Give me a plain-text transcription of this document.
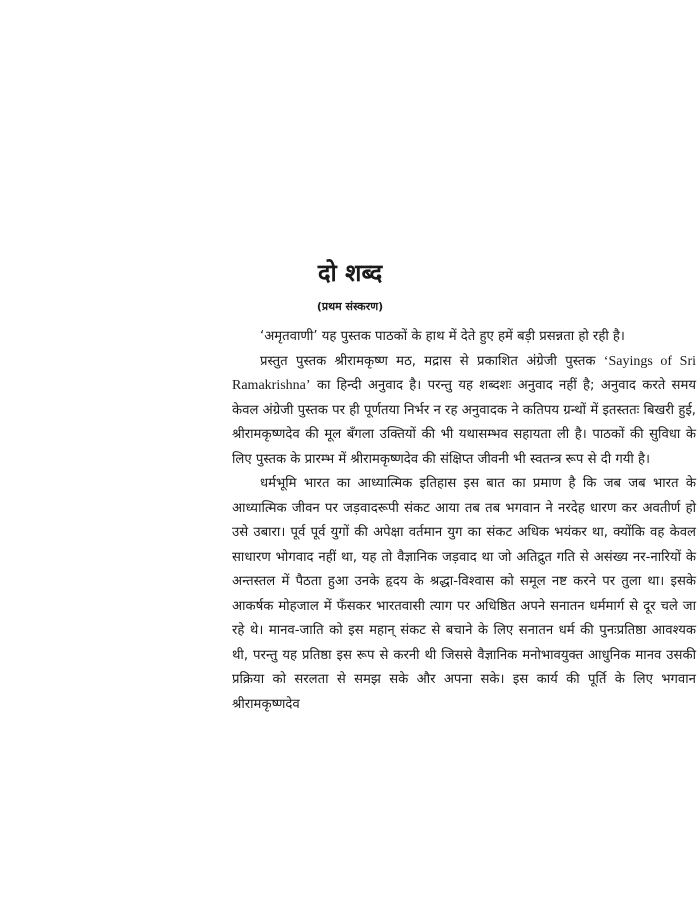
दो शब्द
(प्रथम संस्करण)

‘अमृतवाणी’ यह पुस्तक पाठकों के हाथ में देते हुए हमें बड़ी प्रसन्नता हो रही है।

प्रस्तुत पुस्तक श्रीरामकृष्ण मठ, मद्रास से प्रकाशित अंग्रेजी पुस्तक ‘Sayings of Sri Ramakrishna’ का हिन्दी अनुवाद है। परन्तु यह शब्दशः अनुवाद नहीं है; अनुवाद करते समय केवल अंग्रेजी पुस्तक पर ही पूर्णतया निर्भर न रह अनुवादक ने कतिपय ग्रन्थों में इतस्ततः बिखरी हुई, श्रीरामकृष्णदेव की मूल बँगला उक्तियों की भी यथासम्भव सहायता ली है। पाठकों की सुविधा के लिए पुस्तक के प्रारम्भ में श्रीरामकृष्णदेव की संक्षिप्त जीवनी भी स्वतन्त्र रूप से दी गयी है।

धर्मभूमि भारत का आध्यात्मिक इतिहास इस बात का प्रमाण है कि जब जब भारत के आध्यात्मिक जीवन पर जड़वादरूपी संकट आया तब तब भगवान ने नरदेह धारण कर अवतीर्ण हो उसे उबारा। पूर्व पूर्व युगों की अपेक्षा वर्तमान युग का संकट अधिक भयंकर था, क्योंकि वह केवल साधारण भोगवाद नहीं था, यह तो वैज्ञानिक जड़वाद था जो अतिद्रुत गति से असंख्य नर-नारियों के अन्तस्तल में पैठता हुआ उनके हृदय के श्रद्धा-विश्वास को समूल नष्ट करने पर तुला था। इसके आकर्षक मोहजाल में फँसकर भारतवासी त्याग पर अधिष्ठित अपने सनातन धर्ममार्ग से दूर चले जा रहे थे। मानव-जाति को इस महान् संकट से बचाने के लिए सनातन धर्म की पुनःप्रतिष्ठा आवश्यक थी, परन्तु यह प्रतिष्ठा इस रूप से करनी थी जिससे वैज्ञानिक मनोभावयुक्त आधुनिक मानव उसकी प्रक्रिया को सरलता से समझ सके और अपना सके। इस कार्य की पूर्ति के लिए भगवान श्रीरामकृष्णदेव
